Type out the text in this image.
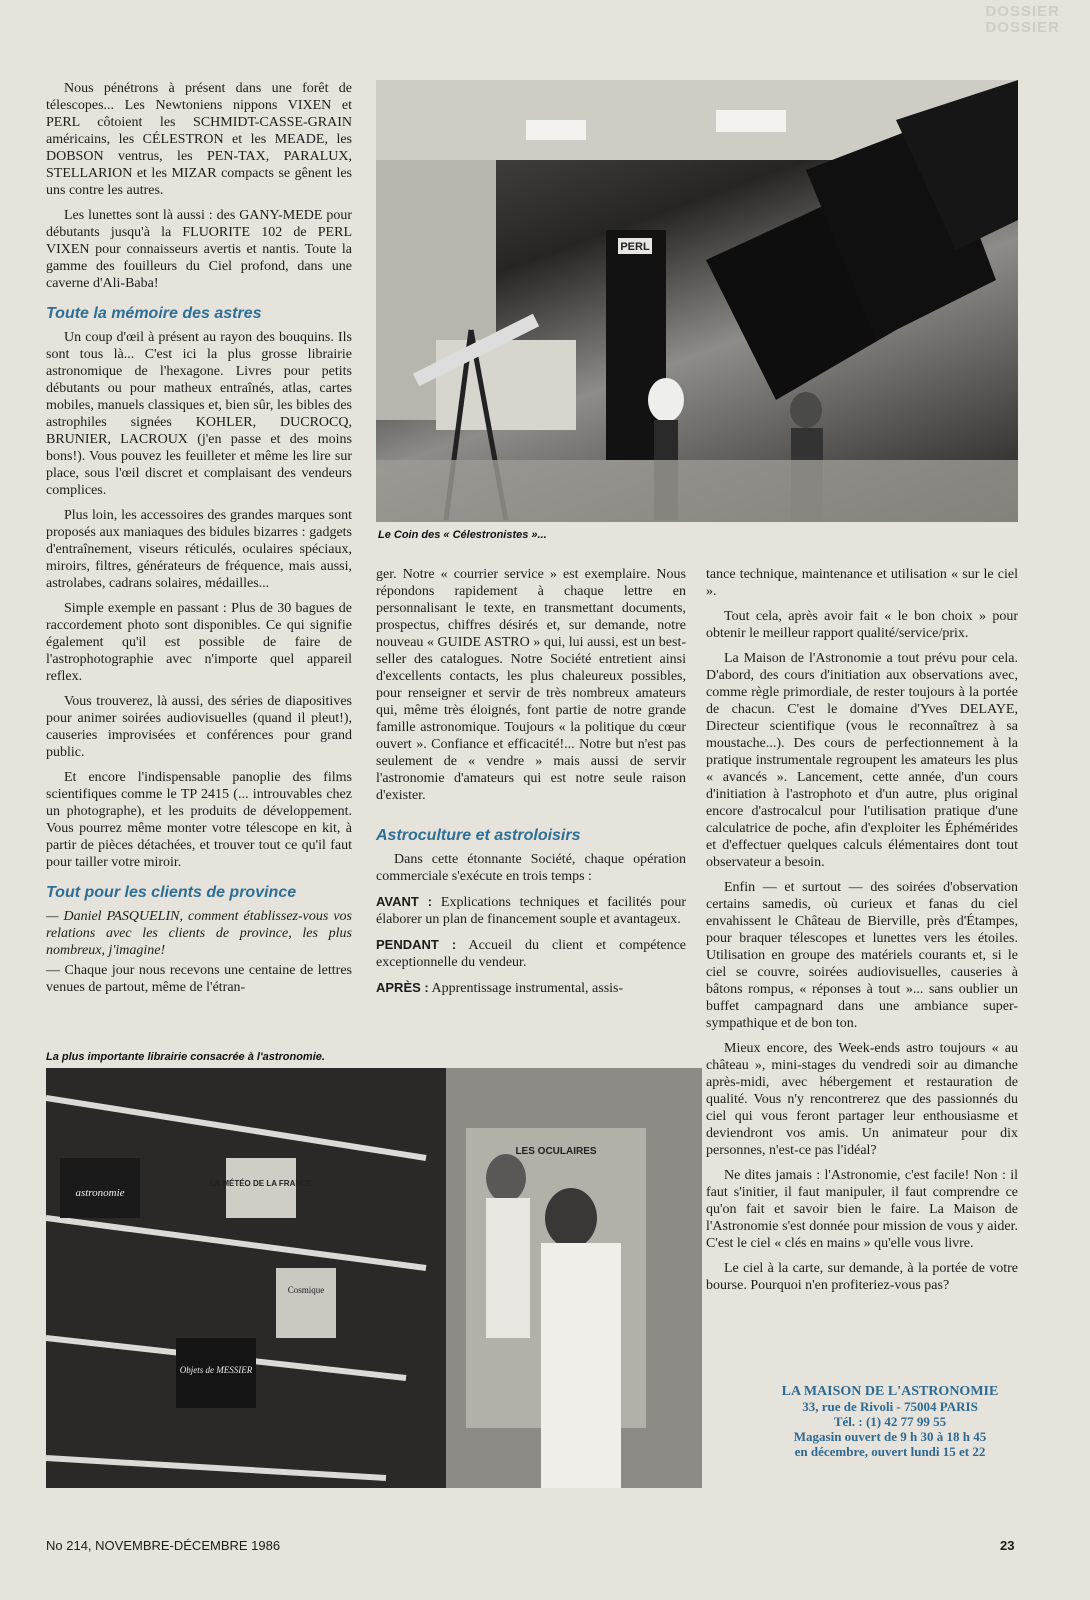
DOSSIER
DOSSIER

Nous pénétrons à présent dans une forêt de télescopes... Les Newtoniens nippons VIXEN et PERL côtoient les SCHMIDT-CASSE-GRAIN américains, les CÉLESTRON et les MEADE, les DOBSON ventrus, les PEN-TAX, PARALUX, STELLARION et les MIZAR compacts se gênent les uns contre les autres.

Les lunettes sont là aussi : des GANY-MEDE pour débutants jusqu'à la FLUORITE 102 de PERL VIXEN pour connaisseurs avertis et nantis. Toute la gamme des fouilleurs du Ciel profond, dans une caverne d'Ali-Baba!

Toute la mémoire des astres

Un coup d'œil à présent au rayon des bouquins. Ils sont tous là... C'est ici la plus grosse librairie astronomique de l'hexagone. Livres pour petits débutants ou pour matheux entraînés, atlas, cartes mobiles, manuels classiques et, bien sûr, les bibles des astrophiles signées KOHLER, DUCROCQ, BRUNIER, LACROUX (j'en passe et des moins bons!). Vous pouvez les feuilleter et même les lire sur place, sous l'œil discret et complaisant des vendeurs complices.

Plus loin, les accessoires des grandes marques sont proposés aux maniaques des bidules bizarres : gadgets d'entraînement, viseurs réticulés, oculaires spéciaux, miroirs, filtres, générateurs de fréquence, mais aussi, astrolabes, cadrans solaires, médailles...

Simple exemple en passant : Plus de 30 bagues de raccordement photo sont disponibles. Ce qui signifie également qu'il est possible de faire de l'astrophotographie avec n'importe quel appareil reflex.

Vous trouverez, là aussi, des séries de diapositives pour animer soirées audiovisuelles (quand il pleut!), causeries improvisées et conférences pour grand public.

Et encore l'indispensable panoplie des films scientifiques comme le TP 2415 (... introuvables chez un photographe), et les produits de développement. Vous pourrez même monter votre télescope en kit, à partir de pièces détachées, et trouver tout ce qu'il faut pour tailler votre miroir.

Tout pour les clients de province

— Daniel PASQUELIN, comment établissez-vous vos relations avec les clients de province, les plus nombreux, j'imagine!

— Chaque jour nous recevons une centaine de lettres venues de partout, même de l'étran-

PERL
Le Coin des « Célestronistes »...

ger. Notre « courrier service » est exemplaire. Nous répondons rapidement à chaque lettre en personnalisant le texte, en transmettant documents, prospectus, chiffres désirés et, sur demande, notre nouveau « GUIDE ASTRO » qui, lui aussi, est un best-seller des catalogues. Notre Société entretient ainsi d'excellents contacts, les plus chaleureux possibles, pour renseigner et servir de très nombreux amateurs qui, même très éloignés, font partie de notre grande famille astronomique. Toujours « la politique du cœur ouvert ». Confiance et efficacité!... Notre but n'est pas seulement de « vendre » mais aussi de servir l'astronomie d'amateurs qui est notre seule raison d'exister.

Astroculture et astroloisirs

Dans cette étonnante Société, chaque opération commerciale s'exécute en trois temps :

AVANT : Explications techniques et facilités pour élaborer un plan de financement souple et avantageux.

PENDANT : Accueil du client et compétence exceptionnelle du vendeur.

APRÈS : Apprentissage instrumental, assis-

tance technique, maintenance et utilisation « sur le ciel ».

Tout cela, après avoir fait « le bon choix » pour obtenir le meilleur rapport qualité/service/prix.

La Maison de l'Astronomie a tout prévu pour cela. D'abord, des cours d'initiation aux observations avec, comme règle primordiale, de rester toujours à la portée de chacun. C'est le domaine d'Yves DELAYE, Directeur scientifique (vous le reconnaîtrez à sa moustache...). Des cours de perfectionnement à la pratique instrumentale regroupent les amateurs les plus « avancés ». Lancement, cette année, d'un cours d'initiation à l'astrophoto et d'un autre, plus original encore d'astrocalcul pour l'utilisation pratique d'une calculatrice de poche, afin d'exploiter les Éphémérides et d'effectuer quelques calculs élémentaires dont tout observateur a besoin.

Enfin — et surtout — des soirées d'observation certains samedis, où curieux et fanas du ciel envahissent le Château de Bierville, près d'Étampes, pour braquer télescopes et lunettes vers les étoiles. Utilisation en groupe des matériels courants et, si le ciel se couvre, soirées audiovisuelles, causeries à bâtons rompus, « réponses à tout »... sans oublier un buffet campagnard dans une ambiance super-sympathique et de bon ton.

Mieux encore, des Week-ends astro toujours « au château », mini-stages du vendredi soir au dimanche après-midi, avec hébergement et restauration de qualité. Vous n'y rencontrerez que des passionnés du ciel qui vous feront partager leur enthousiasme et deviendront vos amis. Un animateur pour dix personnes, n'est-ce pas l'idéal?

Ne dites jamais : l'Astronomie, c'est facile! Non : il faut s'initier, il faut manipuler, il faut comprendre ce qu'on fait et savoir bien le faire. La Maison de l'Astronomie s'est donnée pour mission de vous y aider. C'est le ciel « clés en mains » qu'elle vous livre.

Le ciel à la carte, sur demande, à la portée de votre bourse. Pourquoi n'en profiteriez-vous pas?

La plus importante librairie consacrée à l'astronomie.
LES OCULAIRES
astronomie
LA MÉTÉO DE LA FRANCE
Objets de MESSIER
Cosmique
LA MAISON DE L'ASTRONOMIE
33, rue de Rivoli - 75004 PARIS
Tél. : (1) 42 77 99 55
Magasin ouvert de 9 h 30 à 18 h 45
en décembre, ouvert lundi 15 et 22
No 214, NOVEMBRE-DÉCEMBRE 1986	23
